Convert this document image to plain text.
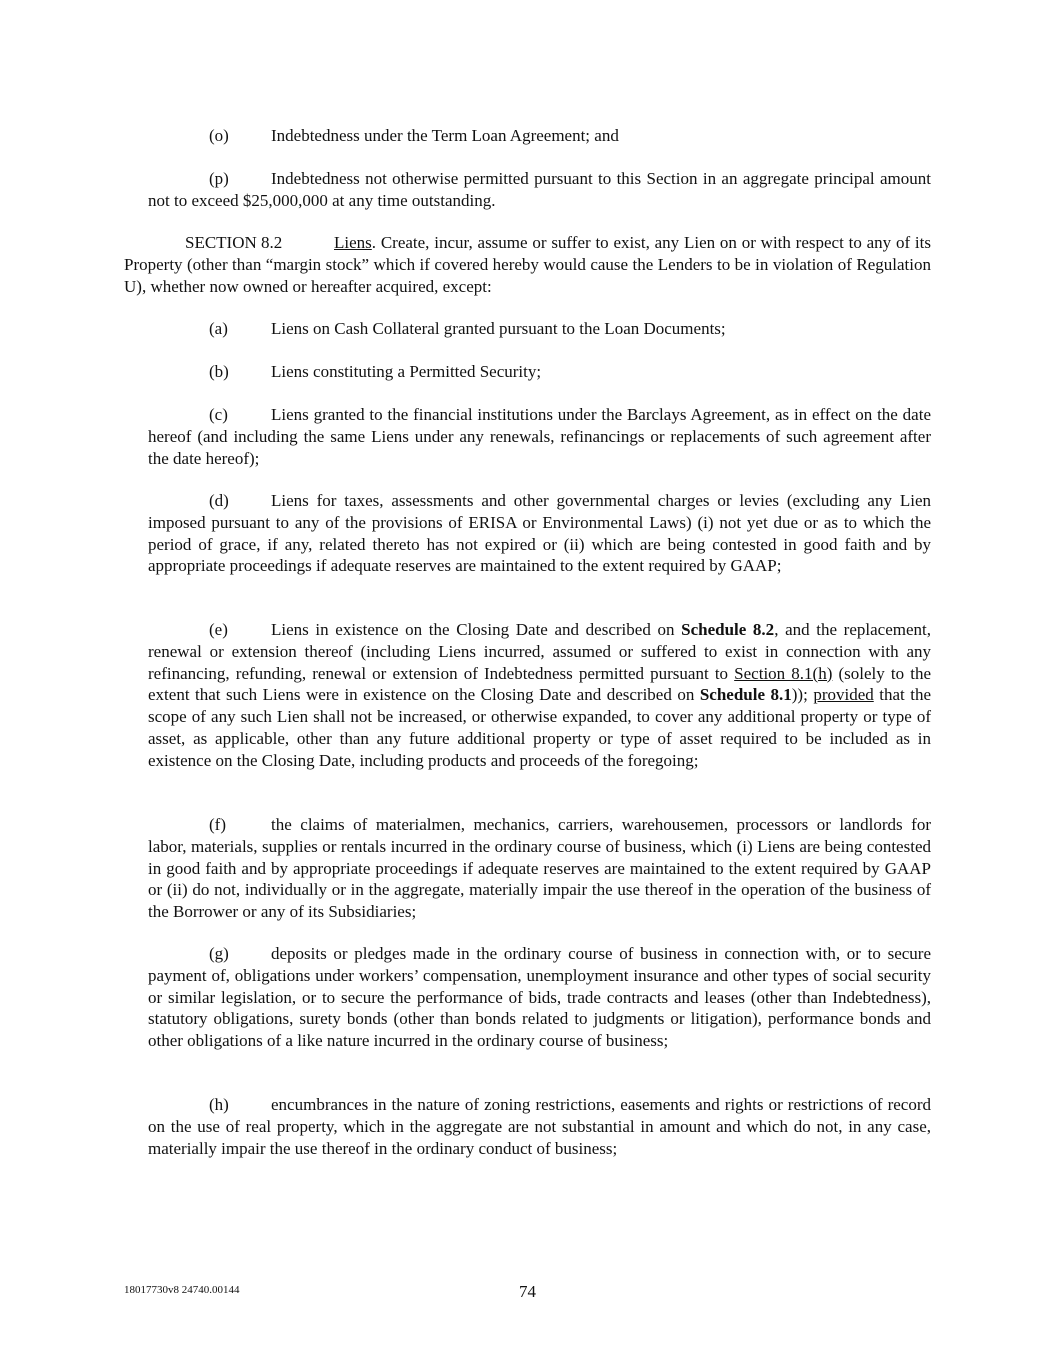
(o) Indebtedness under the Term Loan Agreement; and

(p) Indebtedness not otherwise permitted pursuant to this Section in an aggregate principal amount not to exceed $25,000,000 at any time outstanding.

SECTION 8.2	Liens. Create, incur, assume or suffer to exist, any Lien on or with respect to any of its Property (other than “margin stock” which if covered hereby would cause the Lenders to be in violation of Regulation U), whether now owned or hereafter acquired, except:

(a)	Liens on Cash Collateral granted pursuant to the Loan Documents;

(b) Liens constituting a Permitted Security;

(c)	Liens granted to the financial institutions under the Barclays Agreement, as in effect on the date hereof (and including the same Liens under any renewals, refinancings or replacements of such agreement after the date hereof);

(d) Liens for taxes, assessments and other governmental charges or levies (excluding any Lien imposed pursuant to any of the provisions of ERISA or Environmental Laws) (i) not yet due or as to which the period of grace, if any, related thereto has not expired or (ii) which are being contested in good faith and by appropriate proceedings if adequate reserves are maintained to the extent required by GAAP;

(e)	Liens in existence on the Closing Date and described on Schedule 8.2, and the replacement, renewal or extension thereof (including Liens incurred, assumed or suffered to exist in connection with any refinancing, refunding, renewal or extension of Indebtedness permitted pursuant to Section 8.1(h) (solely to the extent that such Liens were in existence on the Closing Date and described on Schedule 8.1)); provided that the scope of any such Lien shall not be increased, or otherwise expanded, to cover any additional property or type of asset, as applicable, other than any future additional property or type of asset required to be included as in existence on the Closing Date, including products and proceeds of the foregoing;

(f)	the claims of materialmen, mechanics, carriers, warehousemen, processors or landlords for labor, materials, supplies or rentals incurred in the ordinary course of business, which (i) Liens are being contested in good faith and by appropriate proceedings if adequate reserves are maintained to the extent required by GAAP or (ii) do not, individually or in the aggregate, materially impair the use thereof in the operation of the business of the Borrower or any of its Subsidiaries;

(g) deposits or pledges made in the ordinary course of business in connection with, or to secure payment of, obligations under workers’ compensation, unemployment insurance and other types of social security or similar legislation, or to secure the performance of bids, trade contracts and leases (other than Indebtedness), statutory obligations, surety bonds (other than bonds related to judgments or litigation), performance bonds and other obligations of a like nature incurred in the ordinary course of business;

(h) encumbrances in the nature of zoning restrictions, easements and rights or restrictions of record on the use of real property, which in the aggregate are not substantial in amount and which do not, in any case, materially impair the use thereof in the ordinary conduct of business;

18017730v8 24740.00144	74
